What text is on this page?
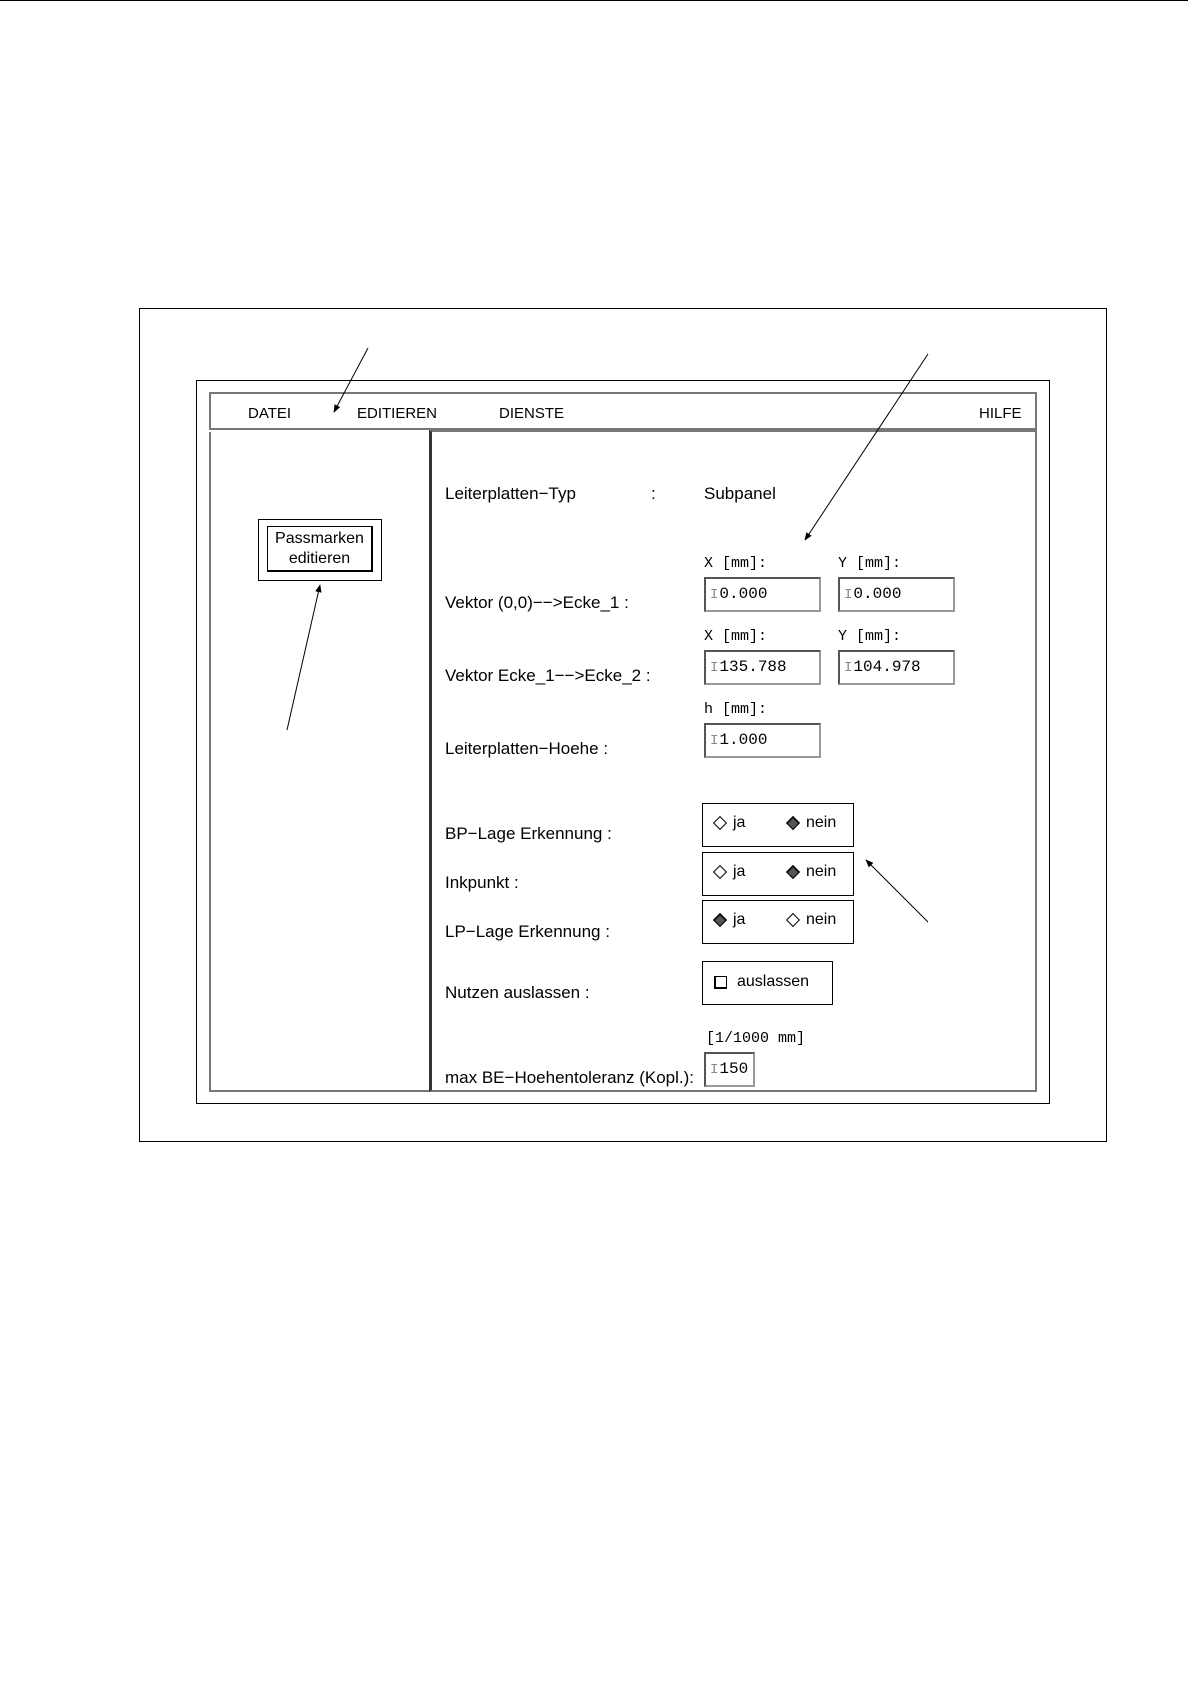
DATEI	EDITIEREN	DIENSTE	HILFE
Passmarken
editieren
Leiterplatten−Typ	:	Subpanel
X [mm]:	Y [mm]:
Vektor (0,0)−−>Ecke_1 :	I0.000	I0.000
X [mm]:	Y [mm]:
Vektor Ecke_1−−>Ecke_2 :	I135.788	I104.978
h [mm]:
Leiterplatten−Hoehe :	I1.000
BP−Lage Erkennung :
ja	nein
Inkpunkt :
ja	nein
LP−Lage Erkennung :
ja	nein
Nutzen auslassen :
auslassen
[1/1000 mm]
max BE−Hoehentoleranz (Kopl.):	I150
